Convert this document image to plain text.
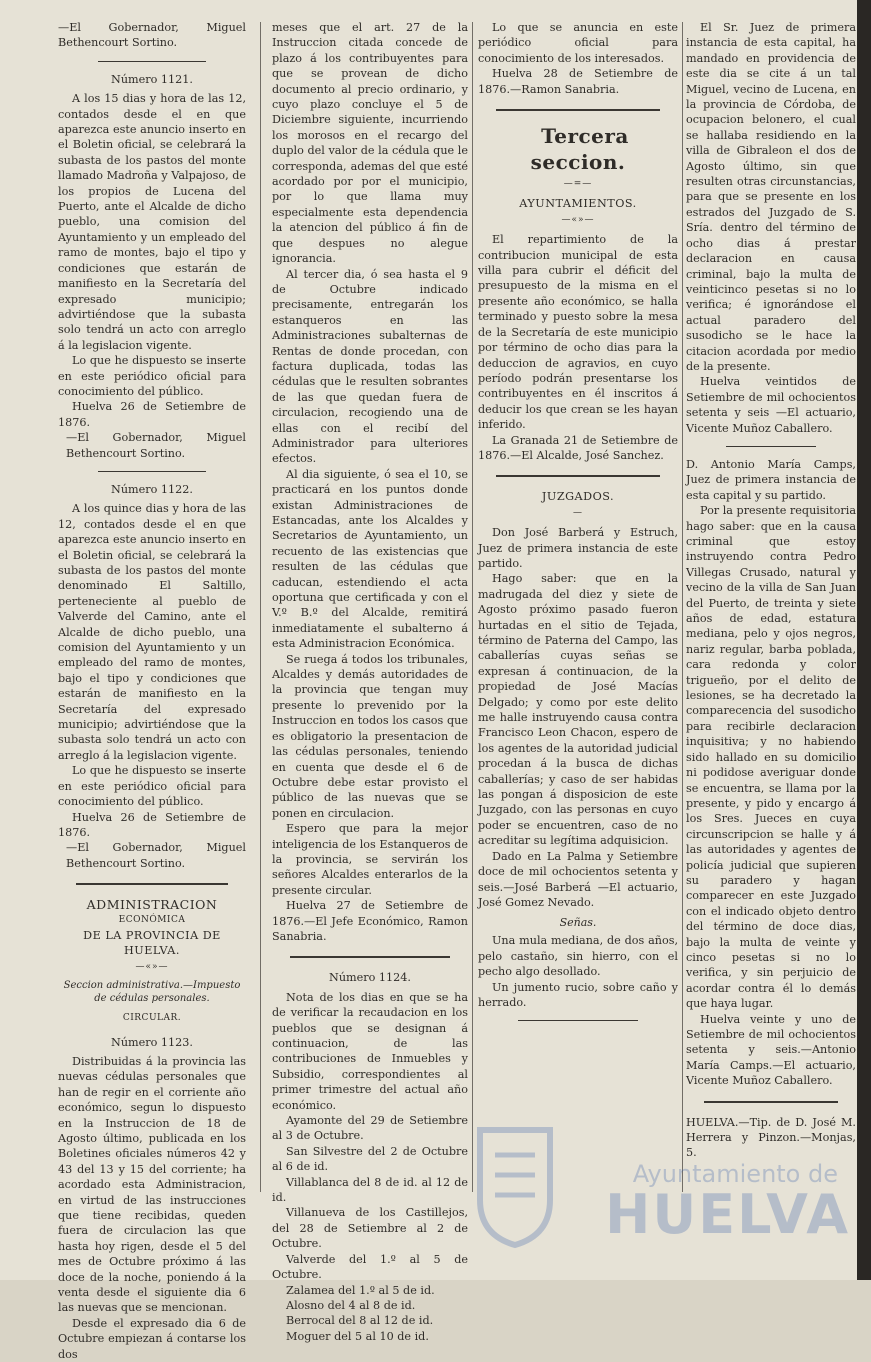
—El Gobernador, Miguel Bethencourt Sortino.

Número 1121.

A los 15 dias y hora de las 12, contados desde el en que aparezca este anuncio inserto en el Boletin oficial, se celebrará la subasta de los pastos del monte llamado Madroña y Valpajoso, de los propios de Lucena del Puerto, ante el Alcalde de dicho pueblo, una comision del Ayuntamiento y un empleado del ramo de montes, bajo el tipo y condiciones que estarán de manifiesto en la Secretaría del expresado municipio; advirtiéndose que la subasta solo tendrá un acto con arreglo á la legislacion vigente.

Lo que he dispuesto se inserte en este periódico oficial para conocimiento del público.

Huelva 26 de Setiembre de 1876.

—El Gobernador, Miguel Bethencourt Sortino.

Número 1122.

A los quince dias y hora de las 12, contados desde el en que aparezca este anuncio inserto en el Boletin oficial, se celebrará la subasta de los pastos del monte denominado El Saltillo, perteneciente al pueblo de Valverde del Camino, ante el Alcalde de dicho pueblo, una comision del Ayuntamiento y un empleado del ramo de montes, bajo el tipo y condiciones que estarán de manifiesto en la Secretaría del expresado municipio; advirtiéndose que la subasta solo tendrá un acto con arreglo á la legislacion vigente.

Lo que he dispuesto se inserte en este periódico oficial para conocimiento del público.

Huelva 26 de Setiembre de 1876.

—El Gobernador, Miguel Bethencourt Sortino.

ADMINISTRACION

ECONÓMICA

DE LA PROVINCIA DE HUELVA.

—«»—

Seccion administrativa.—Impuesto de cédulas personales.

CIRCULAR.

Número 1123.

Distribuidas á la provincia las nuevas cédulas personales que han de regir en el corriente año económico, segun lo dispuesto en la Instruccion de 18 de Agosto último, publicada en los Boletines oficiales números 42 y 43 del 13 y 15 del corriente; ha acordado esta Administracion, en virtud de las instrucciones que tiene recibidas, queden fuera de circulacion las que hasta hoy rigen, desde el 5 del mes de Octubre próximo á las doce de la noche, poniendo á la venta desde el siguiente dia 6 las nuevas que se mencionan.

Desde el expresado dia 6 de Octubre empiezan á contarse los dos

meses que el art. 27 de la Instruccion citada concede de plazo á los contribuyentes para que se provean de dicho documento al precio ordinario, y cuyo plazo concluye el 5 de Diciembre siguiente, incurriendo los morosos en el recargo del duplo del valor de la cédula que le corresponda, ademas del que esté acordado por por el municipio, por lo que llama muy especialmente esta dependencia la atencion del público á fin de que despues no alegue ignorancia.

Al tercer dia, ó sea hasta el 9 de Octubre indicado precisamente, entregarán los estanqueros en las Administraciones subalternas de Rentas de donde procedan, con factura duplicada, todas las cédulas que le resulten sobrantes de las que quedan fuera de circulacion, recogiendo una de ellas con el recibí del Administrador para ulteriores efectos.

Al dia siguiente, ó sea el 10, se practicará en los puntos donde existan Administraciones de Estancadas, ante los Alcaldes y Secretarios de Ayuntamiento, un recuento de las existencias que resulten de las cédulas que caducan, estendiendo el acta oportuna que certificada y con el V.º B.º del Alcalde, remitirá inmediatamente el subalterno á esta Administracion Económica.

Se ruega á todos los tribunales, Alcaldes y demás autoridades de la provincia que tengan muy presente lo prevenido por la Instruccion en todos los casos que es obligatorio la presentacion de las cédulas personales, teniendo en cuenta que desde el 6 de Octubre debe estar provisto el público de las nuevas que se ponen en circulacion.

Espero que para la mejor inteligencia de los Estanqueros de la provincia, se servirán los señores Alcaldes enterarlos de la presente circular.

Huelva 27 de Setiembre de 1876.—El Jefe Económico, Ramon Sanabria.

Número 1124.

Nota de los dias en que se ha de verificar la recaudacion en los pueblos que se designan á continuacion, de las contribuciones de Inmuebles y Subsidio, correspondientes al primer trimestre del actual año económico.

Ayamonte del 29 de Setiembre al 3 de Octubre.

San Silvestre del 2 de Octubre al 6 de id.

Villablanca del 8 de id. al 12 de id.

Villanueva de los Castillejos, del 28 de Setiembre al 2 de Octubre.

Valverde del 1.º al 5 de Octubre.

Zalamea del 1.º al 5 de id.

Alosno del 4 al 8 de id.

Berrocal del 8 al 12 de id.

Moguer del 5 al 10 de id.

Lo que se anuncia en este periódico oficial para conocimiento de los interesados.

Huelva 28 de Setiembre de 1876.—Ramon Sanabria.

Tercera seccion.

—=—

AYUNTAMIENTOS.

—«»—

El repartimiento de la contribucion municipal de esta villa para cubrir el déficit del presupuesto de la misma en el presente año económico, se halla terminado y puesto sobre la mesa de la Secretaría de este municipio por término de ocho dias para la deduccion de agravios, en cuyo período podrán presentarse los contribuyentes en él inscritos á deducir los que crean se les hayan inferido.

La Granada 21 de Setiembre de 1876.—El Alcalde, José Sanchez.

JUZGADOS.

—

Don José Barberá y Estruch, Juez de primera instancia de este partido.

Hago saber: que en la madrugada del diez y siete de Agosto próximo pasado fueron hurtadas en el sitio de Tejada, término de Paterna del Campo, las caballerías cuyas señas se expresan á continuacion, de la propiedad de José Macías Delgado; y como por este delito me halle instruyendo causa contra Francisco Leon Chacon, espero de los agentes de la autoridad judicial procedan á la busca de dichas caballerías; y caso de ser habidas las pongan á disposicion de este Juzgado, con las personas en cuyo poder se encuentren, caso de no acreditar su legítima adquisicion.

Dado en La Palma y Setiembre doce de mil ochocientos setenta y seis.—José Barberá —El actuario, José Gomez Nevado.

Señas.

Una mula mediana, de dos años, pelo castaño, sin hierro, con el pecho algo desollado.

Un jumento rucio, sobre caño y herrado.

El Sr. Juez de primera instancia de esta capital, ha mandado en providencia de este dia se cite á un tal Miguel, vecino de Lucena, en la provincia de Córdoba, de ocupacion belonero, el cual se hallaba residiendo en la villa de Gibraleon el dos de Agosto último, sin que resulten otras circunstancias, para que se presente en los estrados del Juzgado de S. Sría. dentro del término de ocho dias á prestar declaracion en causa criminal, bajo la multa de veinticinco pesetas si no lo verifica; é ignorándose el actual paradero del susodicho se le hace la citacion acordada por medio de la presente.

Huelva veintidos de Setiembre de mil ochocientos setenta y seis —El actuario, Vicente Muñoz Caballero.

D. Antonio María Camps, Juez de primera instancia de esta capital y su partido.

Por la presente requisitoria hago saber: que en la causa criminal que estoy instruyendo contra Pedro Villegas Crusado, natural y vecino de la villa de San Juan del Puerto, de treinta y siete años de edad, estatura mediana, pelo y ojos negros, nariz regular, barba poblada, cara redonda y color trigueño, por el delito de lesiones, se ha decretado la comparecencia del susodicho para recibirle declaracion inquisitiva; y no habiendo sido hallado en su domicilio ni podidose averiguar donde se encuentra, se llama por la presente, y pido y encargo á los Sres. Jueces en cuya circunscripcion se halle y á las autoridades y agentes de policía judicial que supieren su paradero y hagan comparecer en este Juzgado con el indicado objeto dentro del término de doce dias, bajo la multa de veinte y cinco pesetas si no lo verifica, y sin perjuicio de acordar contra él lo demás que haya lugar.

Huelva veinte y uno de Setiembre de mil ochocientos setenta y seis.—Antonio María Camps.—El actuario, Vicente Muñoz Caballero.

HUELVA.—Tip. de D. José M. Herrera y Pinzon.—Monjas, 5.

Ayuntamiento de
HUELVA
